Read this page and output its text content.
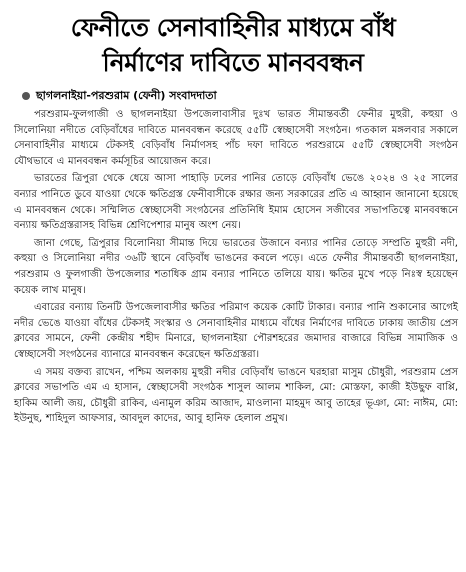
ফেনীতে সেনাবাহিনীর মাধ্যমে বাঁধ
নির্মাণের দাবিতে মানববন্ধন
ছাগলনাইয়া-পরশুরাম (ফেনী) সংবাদদাতা

পরশুরাম-ফুলগাজী ও ছাগলনাইয়া উপজেলাবাসীর দুঃখ ভারত সীমান্তবর্তী ফেনীর মুহুরী, কহুয়া ও সিলোনিয়া নদীতে বেড়িবাঁধের দাবিতে মানববন্ধন করেছে ৫৫টি স্বেচ্ছাসেবী সংগঠন। গতকাল মঙ্গলবার সকালে সেনাবাহিনীর মাধ্যমে টেকসই বেড়িবাঁধ নির্মাণসহ পাঁচ দফা দাবিতে পরশুরামে ৫৫টি স্বেচ্ছাসেবী সংগঠন যৌথভাবে এ মানববন্ধন কর্মসূচির আয়োজন করে।

ভারতের ত্রিপুরা থেকে ধেয়ে আসা পাহাড়ি ঢলের পানির তোড়ে বেড়িবাঁধ ভেঙে ২০২৪ ও ২৫ সালের বন্যার পানিতে ডুবে যাওয়া থেকে ক্ষতিগ্রস্ত ফেনীবাসীকে রক্ষার জন্য সরকারের প্রতি এ আহ্বান জানানো হয়েছে এ মানববন্ধন থেকে। সম্মিলিত স্বেচ্ছাসেবী সংগঠনের প্রতিনিধি ইমাম হোসেন সজীবের সভাপতিত্বে মানববন্ধনে বন্যায় ক্ষতিগ্রস্তরাসহ বিভিন্ন শ্রেণিপেশার মানুষ অংশ নেয়।

জানা গেছে, ত্রিপুরার বিলোনিয়া সীমান্ত দিয়ে ভারতের উজানে বন্যার পানির তোড়ে সম্প্রতি মুহুরী নদী, কহুয়া ও সিলোনিয়া নদীর ৩৬টি স্থানে বেড়িবাঁধ ভাঙনের কবলে পড়ে। এতে ফেনীর সীমান্তবর্তী ছাগলনাইয়া, পরশুরাম ও ফুলগাজী উপজেলার শতাধিক গ্রাম বন্যার পানিতে তলিয়ে যায়। ক্ষতির মুখে পড়ে নিঃস্ব হয়েছেন কয়েক লাখ মানুষ।

এবারের বন্যায় তিনটি উপজেলাবাসীর ক্ষতির পরিমাণ কয়েক কোটি টাকার। বন্যার পানি শুকানোর আগেই নদীর ভেঙে যাওয়া বাঁধের টেকসই সংস্কার ও সেনাবাহিনীর মাধ্যমে বাঁধের নির্মাণের দাবিতে ঢাকায় জাতীয় প্রেস ক্লাবের সামনে, ফেনী কেন্দ্রীয় শহীদ মিনারে, ছাগলনাইয়া পৌরশহরের জমাদার বাজারে বিভিন্ন সামাজিক ও স্বেচ্ছাসেবী সংগঠনের ব্যানারে মানববন্ধন করেছেন ক্ষতিগ্রস্তরা।

এ সময় বক্তব্য রাখেন, পশ্চিম অলকায় মুহুরী নদীর বেড়িবাঁধ ভাঙনে ঘরহারা মাসুম চৌধুরী, পরশুরাম প্রেস ক্লাবের সভাপতি এম এ হাসান, স্বেচ্ছাসেবী সংগঠক শাসুল আলম শাকিল, মো: মোস্তফা, কাজী ইউছুফ বাপ্পি, হাকিম আলী জয়, চৌধুরী রাকিব, এনামুল করিম আজাদ, মাওলানা মাহমুদ আবু তাহের ভূঞা, মো: নাঈম, মো: ইউনুছ, শাহিদুল আফসার, আবদুল কাদের, আবু হানিফ হেলাল প্রমুখ।
